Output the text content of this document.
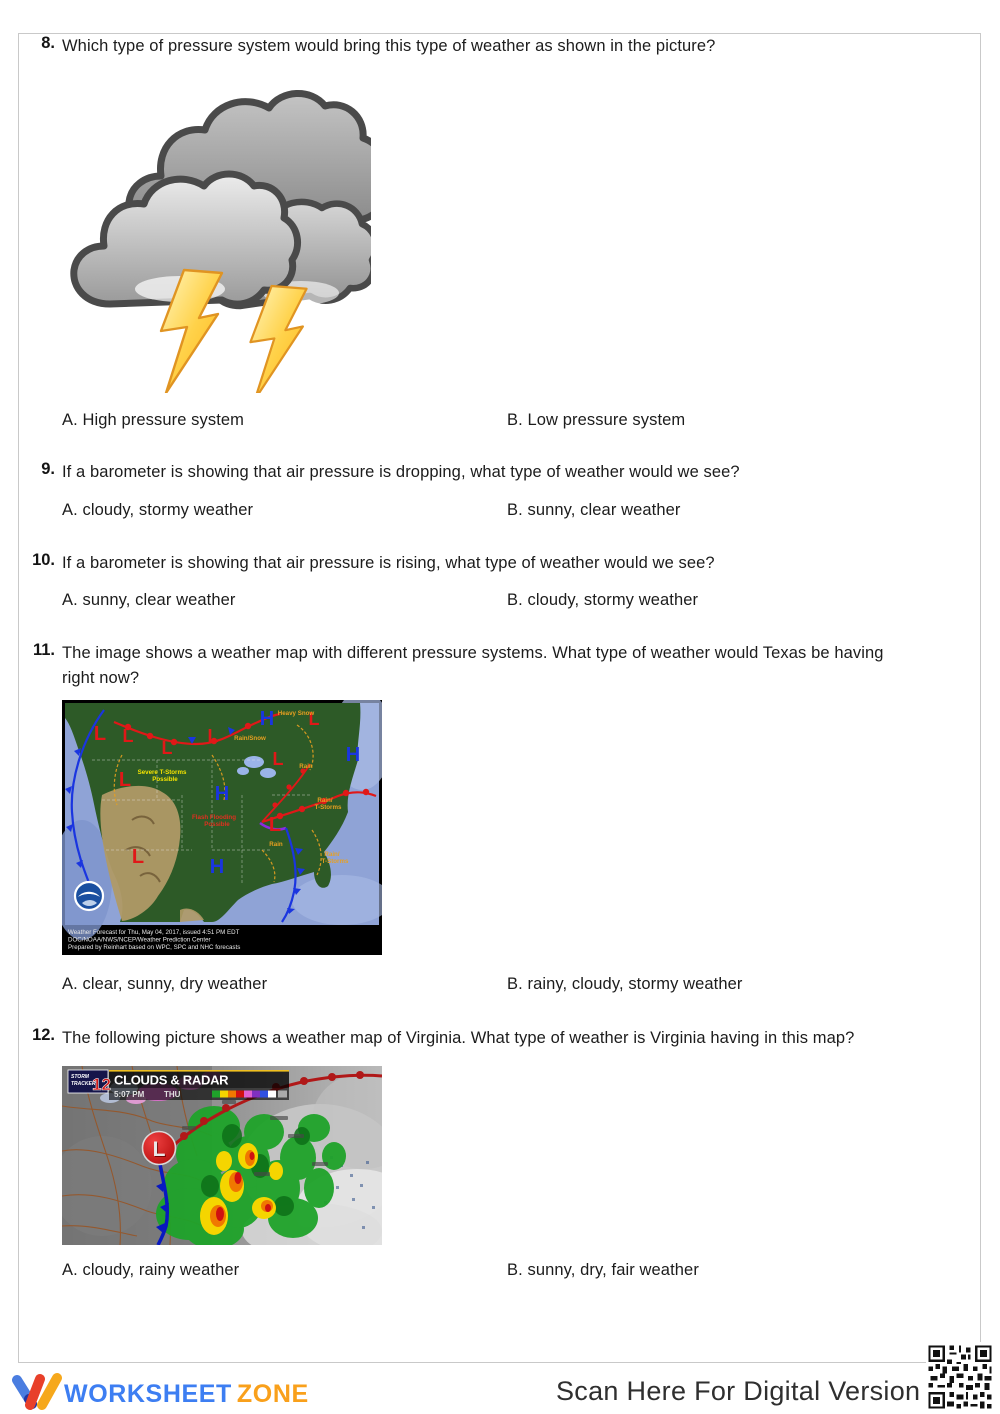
8. Which type of pressure system would bring this type of weather as shown in the picture?
A. High pressure system	B. Low pressure system
9. If a barometer is showing that air pressure is dropping, what type of weather would we see?
A. cloudy, stormy weather	B. sunny, clear weather
10. If a barometer is showing that air pressure is rising, what type of weather would we see?
A. sunny, clear weather	B. cloudy, stormy weather
11. The image shows a weather map with different pressure systems. What type of weather would Texas be having right now?
L L
L
L
L
L
L
L
L
H
H
H
H
Severe T-Storms
Possible
Flash Flooding
Possible
Rain/Snow
Heavy Snow
Rain
Rain/
T-Storms
Rain
Rain/
T-Storms
Weather Forecast for Thu, May 04, 2017, issued 4:51 PM EDT
DOC/NOAA/NWS/NCEP/Weather Prediction Center
Prepared by Reinhart based on WPC, SPC and NHC forecasts
A. clear, sunny, dry weather	B. rainy, cloudy, stormy weather
12. The following picture shows a weather map of Virginia. What type of weather is Virginia having in this map?
L
CLOUDS & RADAR
5:07 PM THU
STORM
TRACKER
12
A. cloudy, rainy weather	B. sunny, dry, fair weather
WORKSHEET ZONE	Scan Here For Digital Version
